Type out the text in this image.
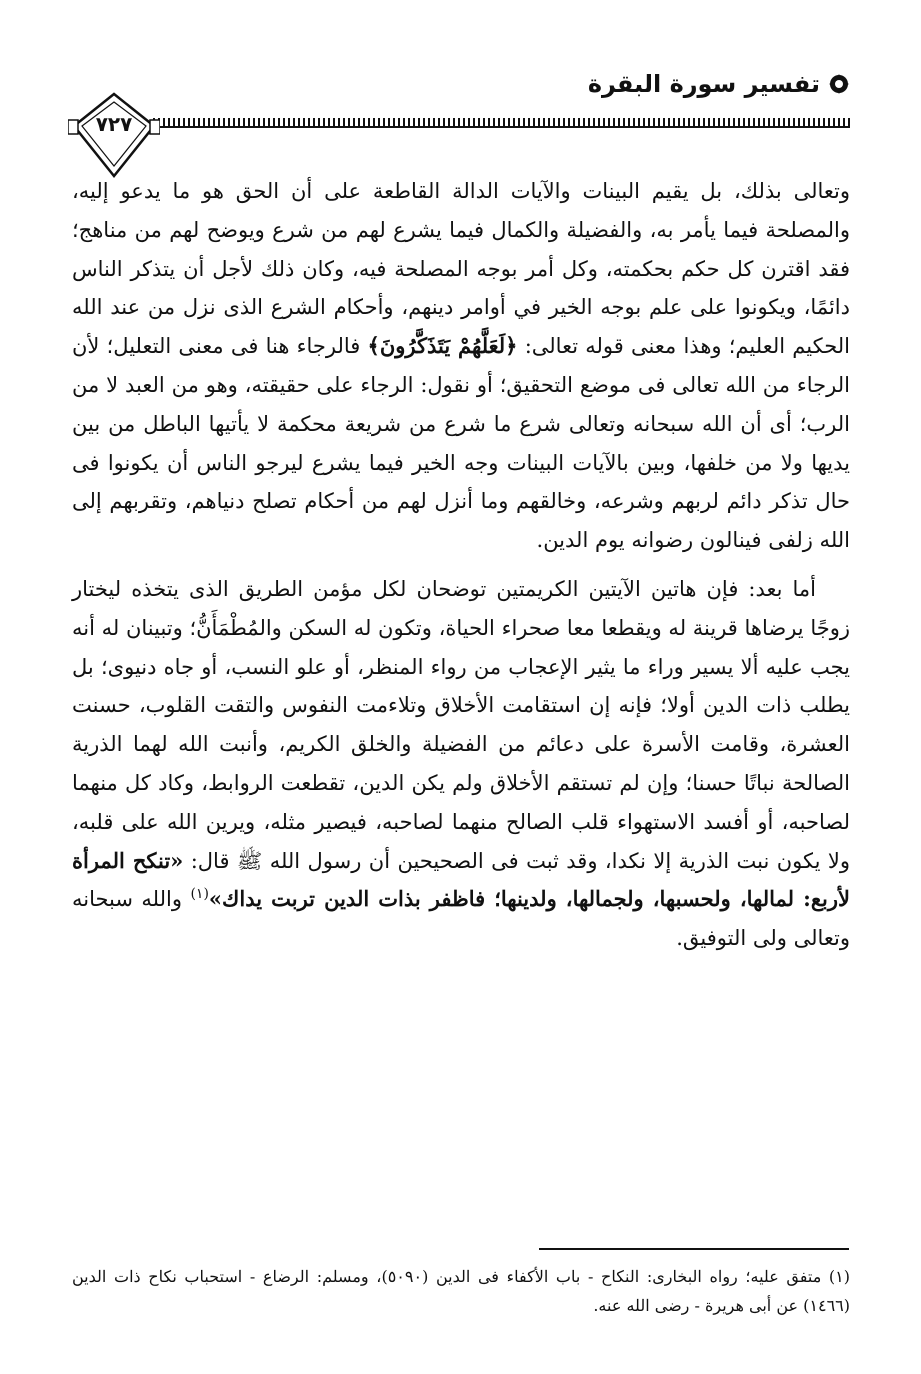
تفسير سورة البقرة
٧٢٧

وتعالى بذلك، بل يقيم البينات والآيات الدالة القاطعة على أن الحق هو ما يدعو إليه، والمصلحة فيما يأمر به، والفضيلة والكمال فيما يشرع لهم من شرع ويوضح لهم من مناهج؛ فقد اقترن كل حكم بحكمته، وكل أمر بوجه المصلحة فيه، وكان ذلك لأجل أن يتذكر الناس دائمًا، ويكونوا على علم بوجه الخير في أوامر دينهم، وأحكام الشرع الذى نزل من عند الله الحكيم العليم؛ وهذا معنى قوله تعالى: ﴿لَعَلَّهُمْ يَتَذَكَّرُونَ﴾ فالرجاء هنا فى معنى التعليل؛ لأن الرجاء من الله تعالى فى موضع التحقيق؛ أو نقول: الرجاء على حقيقته، وهو من العبد لا من الرب؛ أى أن الله سبحانه وتعالى شرع ما شرع من شريعة محكمة لا يأتيها الباطل من بين يديها ولا من خلفها، وبين بالآيات البينات وجه الخير فيما يشرع ليرجو الناس أن يكونوا فى حال تذكر دائم لربهم وشرعه، وخالقهم وما أنزل لهم من أحكام تصلح دنياهم، وتقربهم إلى الله زلفى فينالون رضوانه يوم الدين.

أما بعد: فإن هاتين الآيتين الكريمتين توضحان لكل مؤمن الطريق الذى يتخذه ليختار زوجًا يرضاها قرينة له ويقطعا معا صحراء الحياة، وتكون له السكن والمُطْمَأَنُّ؛ وتبينان له أنه يجب عليه ألا يسير وراء ما يثير الإعجاب من رواء المنظر، أو علو النسب، أو جاه دنيوى؛ بل يطلب ذات الدين أولا؛ فإنه إن استقامت الأخلاق وتلاءمت النفوس والتقت القلوب، حسنت العشرة، وقامت الأسرة على دعائم من الفضيلة والخلق الكريم، وأنبت الله لهما الذرية الصالحة نباتًا حسنا؛ وإن لم تستقم الأخلاق ولم يكن الدين، تقطعت الروابط، وكاد كل منهما لصاحبه، أو أفسد الاستهواء قلب الصالح منهما لصاحبه، فيصير مثله، ويرين الله على قلبه، ولا يكون نبت الذرية إلا نكدا، وقد ثبت فى الصحيحين أن رسول الله ﷺ قال: «تنكح المرأة لأربع: لمالها، ولحسبها، ولجمالها، ولدينها؛ فاظفر بذات الدين تربت يداك»$^{(١)}$ والله سبحانه وتعالى ولى التوفيق.

(١) متفق عليه؛ رواه البخارى: النكاح - باب الأكفاء فى الدين (٥٠٩٠)، ومسلم: الرضاع - استحباب نكاح ذات الدين (١٤٦٦) عن أبى هريرة - رضى الله عنه.
